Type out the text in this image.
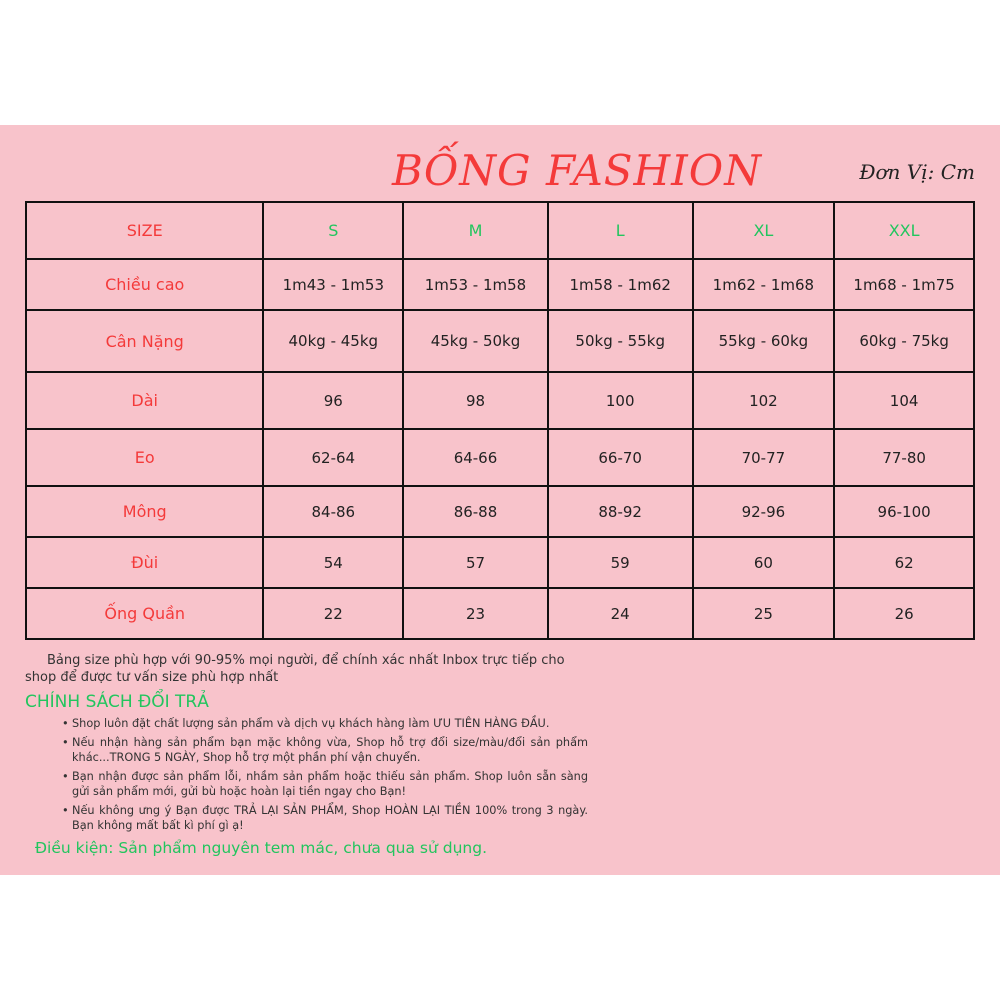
BỐNG FASHION	Đơn Vị: Cm
SIZE	S	M	L	XL	XXL
Chiều cao	1m43 - 1m53	1m53 - 1m58	1m58 - 1m62	1m62 - 1m68	1m68 - 1m75
Cân Nặng	40kg - 45kg	45kg - 50kg	50kg - 55kg	55kg - 60kg	60kg - 75kg
Dài	96	98	100	102	104
Eo	62-64	64-66	66-70	70-77	77-80
Mông	84-86	86-88	88-92	92-96	96-100
Đùi	54	57	59	60	62
Ống Quần	22	23	24	25	26
Bảng size phù hợp với 90-95% mọi người, để chính xác nhất Inbox trực tiếp cho shop để được tư vấn size phù hợp nhất
CHÍNH SÁCH ĐỔI TRẢ
• Shop luôn đặt chất lượng sản phẩm và dịch vụ khách hàng làm ƯU TIÊN HÀNG ĐẦU.
• Nếu nhận hàng sản phẩm bạn mặc không vừa, Shop hỗ trợ đổi size/màu/đổi sản phẩm khác...TRONG 5 NGÀY, Shop hỗ trợ một phần phí vận chuyển.
• Bạn nhận được sản phẩm lỗi, nhầm sản phẩm hoặc thiếu sản phẩm. Shop luôn sẵn sàng gửi sản phẩm mới, gửi bù hoặc hoàn lại tiền ngay cho Bạn!
• Nếu không ưng ý Bạn được TRẢ LẠI SẢN PHẨM, Shop HOÀN LẠI TIỀN 100% trong 3 ngày. Bạn không mất bất kì phí gì ạ!
Điều kiện: Sản phẩm nguyên tem mác, chưa qua sử dụng.
